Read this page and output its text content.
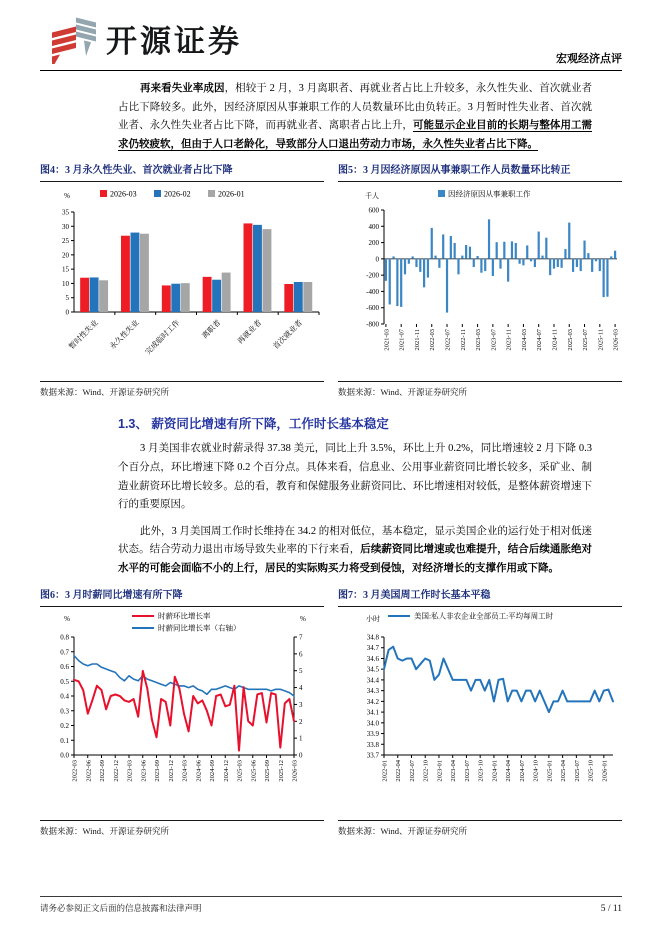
开源证券
宏观经济点评

再来看失业率成因，相较于 2 月，3 月离职者、再就业者占比上升较多，永久性失业、首次就业者占比下降较多。此外，因经济原因从事兼职工作的人员数量环比由负转正。3 月暂时性失业者、首次就业者、永久性失业者占比下降，而再就业者、离职者占比上升，可能显示企业目前的长期与整体用工需求仍较疲软，但由于人口老龄化，导致部分人口退出劳动力市场，永久性失业者占比下降。

图4：3 月永久性失业、首次就业者占比下降
0
5
10
15
20
25
30
35
%	2026-03	2026-02	2026-01
暂时性失业 永久性失业 完成临时工作 离职者 再就业者 首次就业者
数据来源：Wind、开源证券研究所
图5：3 月因经济原因从事兼职工作人员数量环比转正
-800
-600
-400
-200
0
200
400
600
千人	因经济原因从事兼职工作
2021-03 2021-07 2021-11 2022-03 2022-07 2022-11 2023-03 2023-07 2023-11 2024-03 2024-07 2024-11 2025-03 2025-07 2025-11 2026-03
数据来源：Wind、开源证券研究所
1.3、 薪资同比增速有所下降，工作时长基本稳定

3 月美国非农就业时薪录得 37.38 美元，同比上升 3.5%，环比上升 0.2%，同比增速较 2 月下降 0.3 个百分点，环比增速下降 0.2 个百分点。具体来看，信息业、公用事业薪资同比增长较多，采矿业、制造业薪资环比增长较多。总的看，教育和保健服务业薪资同比、环比增速相对较低，是整体薪资增速下行的重要原因。

此外，3 月美国周工作时长维持在 34.2 的相对低位，基本稳定，显示美国企业的运行处于相对低迷状态。结合劳动力退出市场导致失业率的下行来看，后续薪资同比增速或也难提升，结合后续通胀绝对水平的可能会面临不小的上行，居民的实际购买力将受到侵蚀，对经济增长的支撑作用或下降。

图6：3 月时薪同比增速有所下降
0.0
0.1
0.2
0.3
0.4
0.5
0.6
0.7
0.8
%
0
1
2
3
4
5
6
7
%
时薪环比增长率
时薪同比增长率（右轴）
2022-03 2022-06 2022-09 2022-12 2023-03 2023-06 2023-09 2023-12 2024-03 2024-06 2024-09 2024-12 2025-03 2025-06 2025-09 2025-12 2026-03
数据来源：Wind、开源证券研究所
图7：3 月美国周工作时长基本平稳
33.7
33.8
33.9
34.0
34.1
34.2
34.3
34.4
34.5
34.6
34.7
34.8
小时	美国:私人非农企业全部员工:平均每周工时
2022-01 2022-04 2022-07 2022-10 2023-01 2023-04 2023-07 2023-10 2024-01 2024-04 2024-07 2024-10 2025-01 2025-04 2025-07 2025-10 2026-01
数据来源：Wind、开源证券研究所
请务必参阅正文后面的信息披露和法律声明	5 / 11
